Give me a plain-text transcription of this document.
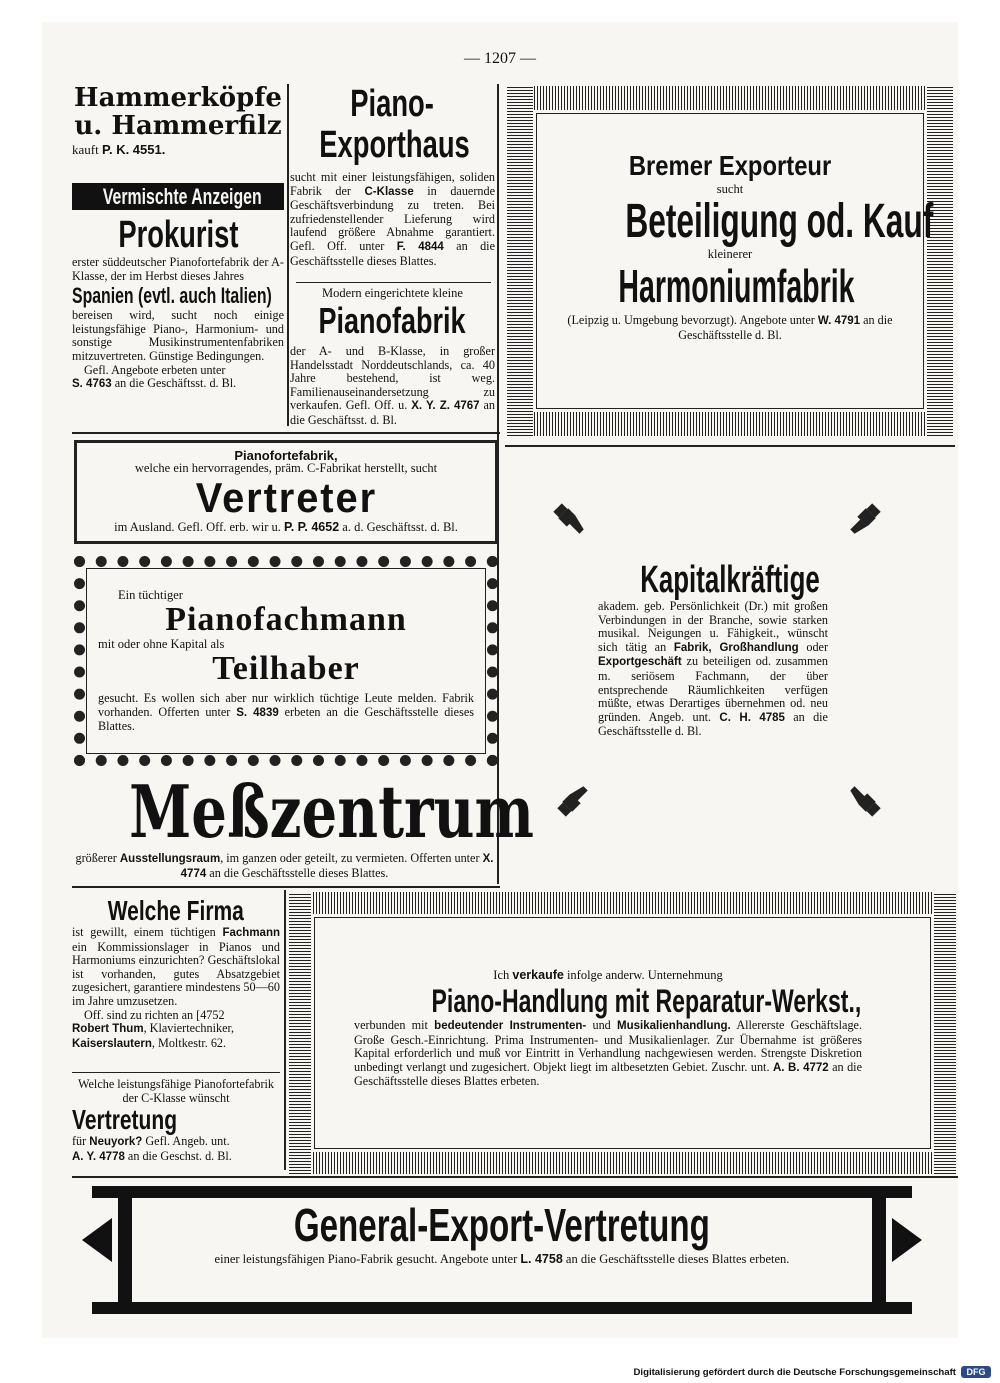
— 1207 —
Hammerköpfe
u. Hammerfilz
kauft P. K. 4551.
Vermischte Anzeigen
Prokurist
erster süddeutscher Pianofortefabrik der A-Klasse, der im Herbst dieses Jahres
Spanien (evtl. auch Italien)
bereisen wird, sucht noch einige leistungsfähige Piano-, Harmonium- und sonstige Musikinstrumentenfabriken mitzuvertreten. Günstige Bedingungen.
Gefl. Angebote erbeten unter
S. 4763 an die Geschäftsst. d. Bl.
Piano-
Exporthaus
sucht mit einer leistungsfähigen, soliden Fabrik der C-Klasse in dauernde Geschäftsverbindung zu treten. Bei zufriedenstellender Lieferung wird laufend größere Abnahme garantiert. Gefl. Off. unter F. 4844 an die Geschäftsstelle dieses Blattes.
Modern eingerichtete kleine
Pianofabrik
der A- und B-Klasse, in großer Handelsstadt Norddeutschlands, ca. 40 Jahre bestehend, ist weg. Familienauseinandersetzung zu verkaufen. Gefl. Off. u. X. Y. Z. 4767 an die Geschäftsst. d. Bl.
Bremer Exporteur
sucht
Beteiligung od. Kauf
kleinerer
Harmoniumfabrik
(Leipzig u. Umgebung bevorzugt). Angebote unter W. 4791 an die Geschäftsstelle d. Bl.
Pianofortefabrik,
welche ein hervorragendes, präm. C-Fabrikat herstellt, sucht
Vertreter
im Ausland. Gefl. Off. erb. wir u. P. P. 4652 a. d. Geschäftsst. d. Bl.
Ein tüchtiger
Pianofachmann
mit oder ohne Kapital als
Teilhaber
gesucht. Es wollen sich aber nur wirklich tüchtige Leute melden. Fabrik vorhanden. Offerten unter S. 4839 erbeten an die Geschäftsstelle dieses Blattes.
Meßzentrum
größerer Ausstellungsraum, im ganzen oder geteilt, zu vermieten. Offerten unter X. 4774 an die Geschäftsstelle dieses Blattes.
Kapitalkräftige
akadem. geb. Persönlichkeit (Dr.) mit großen Verbindungen in der Branche, sowie starken musikal. Neigungen u. Fähigkeit., wünscht sich tätig an Fabrik, Großhandlung oder Exportgeschäft zu beteiligen od. zusammen m. seriösem Fachmann, der über entsprechende Räumlichkeiten verfügen müßte, etwas Derartiges übernehmen od. neu gründen. Angeb. unt. C. H. 4785 an die Geschäftsstelle d. Bl.
Welche Firma
ist gewillt, einem tüchtigen Fachmann ein Kommissionslager in Pianos und Harmoniums einzurichten? Geschäftslokal ist vorhanden, gutes Absatzgebiet zugesichert, garantiere mindestens 50—60 im Jahre umzusetzen.
Off. sind zu richten an [4752
Robert Thum, Klaviertechniker,
Kaiserslautern, Moltkestr. 62.
Welche leistungsfähige Pianofortefabrik der C-Klasse wünscht
Vertretung
für Neuyork? Gefl. Angeb. unt.
A. Y. 4778 an die Geschst. d. Bl.
Ich verkaufe infolge anderw. Unternehmung
Piano-Handlung mit Reparatur-Werkst.,
verbunden mit bedeutender Instrumenten- und Musikalienhandlung. Allererste Geschäftslage. Große Gesch.-Einrichtung. Prima Instrumenten- und Musikalienlager. Zur Übernahme ist größeres Kapital erforderlich und muß vor Eintritt in Verhandlung nachgewiesen werden. Strengste Diskretion unbedingt verlangt und zugesichert. Objekt liegt im altbesetzten Gebiet. Zuschr. unt. A. B. 4772 an die Geschäftsstelle dieses Blattes erbeten.
General-Export-Vertretung
einer leistungsfähigen Piano-Fabrik gesucht. Angebote unter L. 4758 an die Geschäftsstelle dieses Blattes erbeten.
Digitalisierung gefördert durch die Deutsche Forschungsgemeinschaft	DFG
